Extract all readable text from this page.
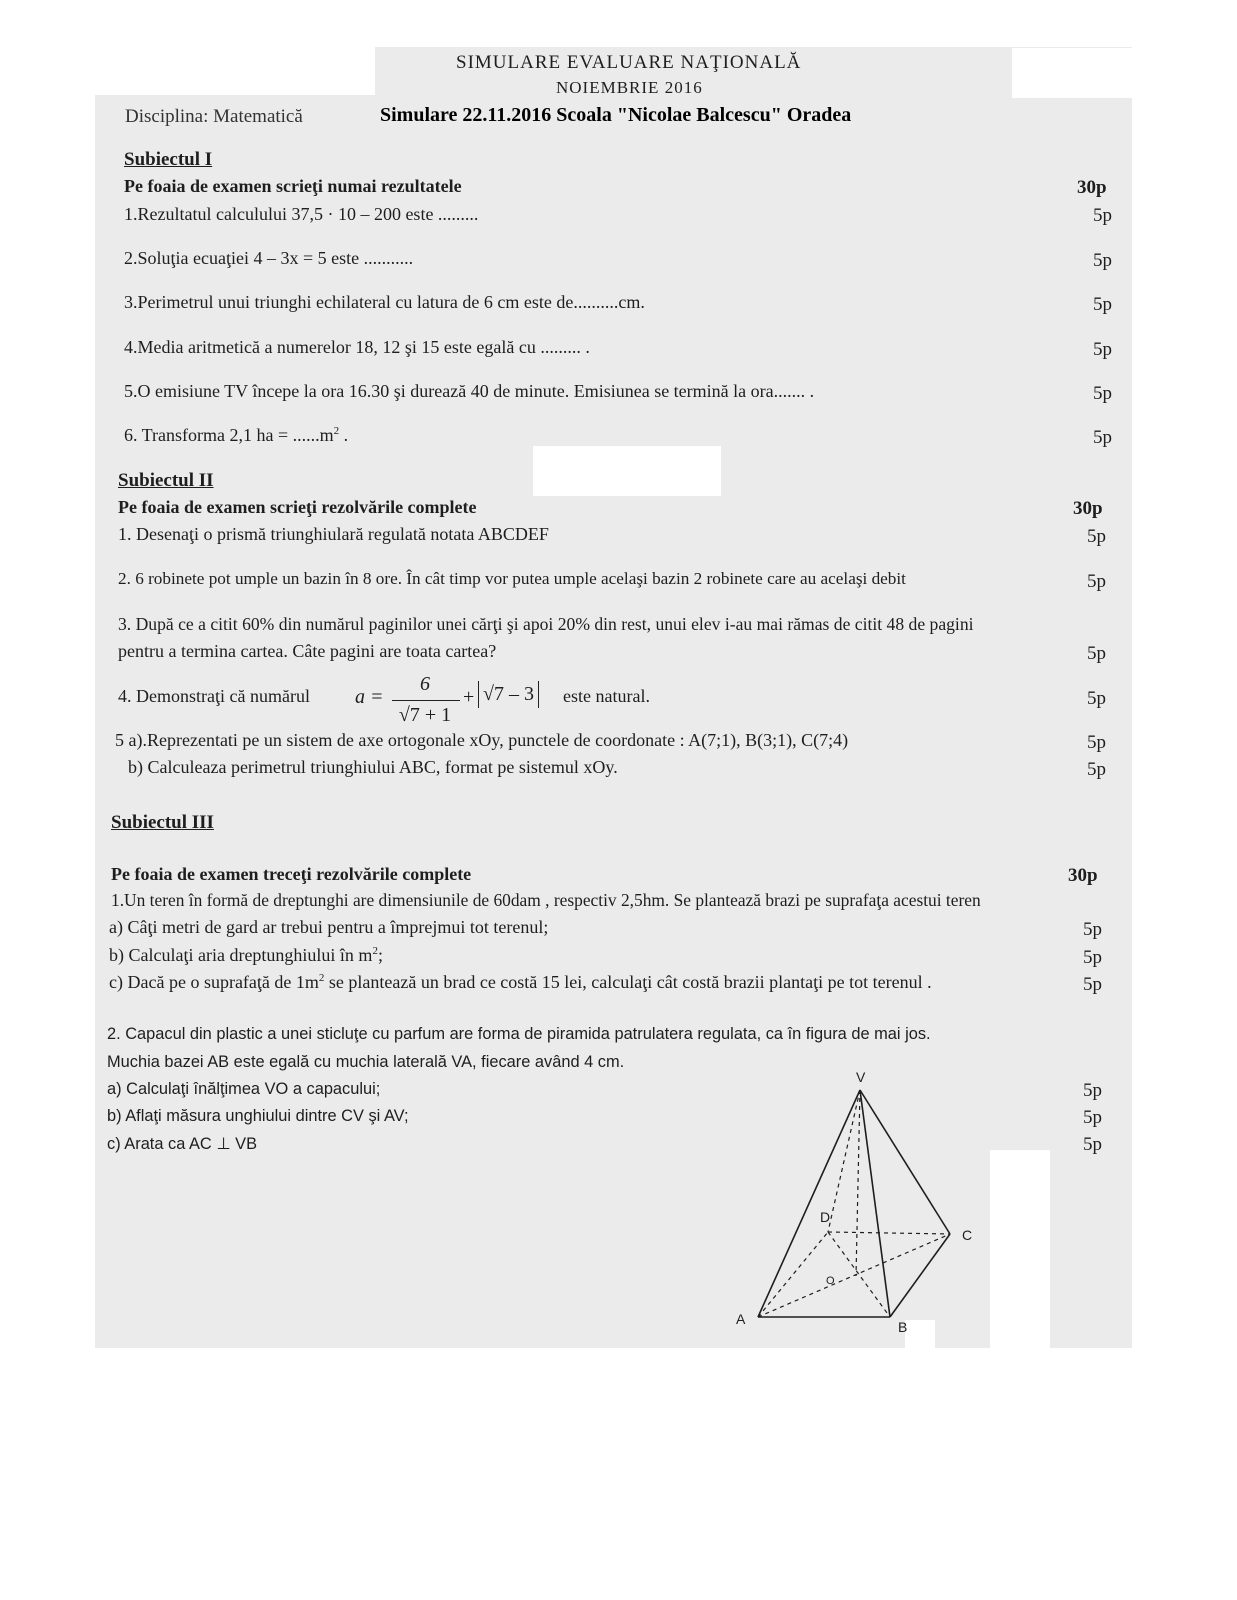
SIMULARE EVALUARE NAŢIONALĂ
NOIEMBRIE 2016
Disciplina: Matematică	Simulare 22.11.2016 Scoala "Nicolae Balcescu" Oradea
Subiectul I
Pe foaia de examen scrieţi numai rezultatele	30p
1.Rezultatul calculului 37,5 · 10 – 200 este .........	5p
2.Soluţia ecuaţiei 4 – 3x = 5 este ...........	5p
3.Perimetrul unui triunghi echilateral cu latura de 6 cm este de..........cm.	5p
4.Media aritmetică a numerelor 18, 12 şi 15 este egală cu ......... .	5p
5.O emisiune TV începe la ora 16.30 şi durează 40 de minute. Emisiunea se termină la ora....... .	5p
6. Transforma 2,1 ha = $......m^2$ .	5p
Subiectul II
Pe foaia de examen scrieţi rezolvările complete	30p
1. Desenaţi o prismă triunghiulară regulată notata ABCDEF	5p
2. 6 robinete pot umple un bazin în 8 ore. În cât timp vor putea umple acelaşi bazin 2 robinete care au acelaşi debit	5p
3. După ce a citit 60% din numărul paginilor unei cărţi şi apoi 20% din rest, unui elev i-au mai rămas de citit 48 de pagini
pentru a termina cartea. Câte pagini are toata cartea?	5p
4. Demonstraţi că numărul a =
6
√7 + 1
+ √7 – 3 este natural.	5p
5 a).Reprezentati pe un sistem de axe ortogonale xOy, punctele de coordonate : A(7;1), B(3;1), C(7;4)	5p
b) Calculeaza perimetrul triunghiului ABC, format pe sistemul xOy.	5p
Subiectul III
Pe foaia de examen treceţi rezolvările complete	30p
1.Un teren în formă de dreptunghi are dimensiunile de 60dam , respectiv 2,5hm. Se plantează brazi pe suprafaţa acestui teren
a) Câţi metri de gard ar trebui pentru a împrejmui tot terenul;	5p
b) Calculaţi aria dreptunghiului în $m^2$;	5p
c) Dacă pe o suprafaţă de $1m^2$ se plantează un brad ce costă 15 lei, calculaţi cât costă brazii plantaţi pe tot terenul .	5p
2. Capacul din plastic a unei sticluţe cu parfum are forma de piramida patrulatera regulata, ca în figura de mai jos.
Muchia bazei AB este egală cu muchia laterală VA, fiecare având 4 cm.
a) Calculaţi înălţimea VO a capacului;	5p
b) Aflaţi măsura unghiului dintre CV şi AV;	5p
c) Arata ca AC ⊥ VB	5p
V
D
C
O
A	B
